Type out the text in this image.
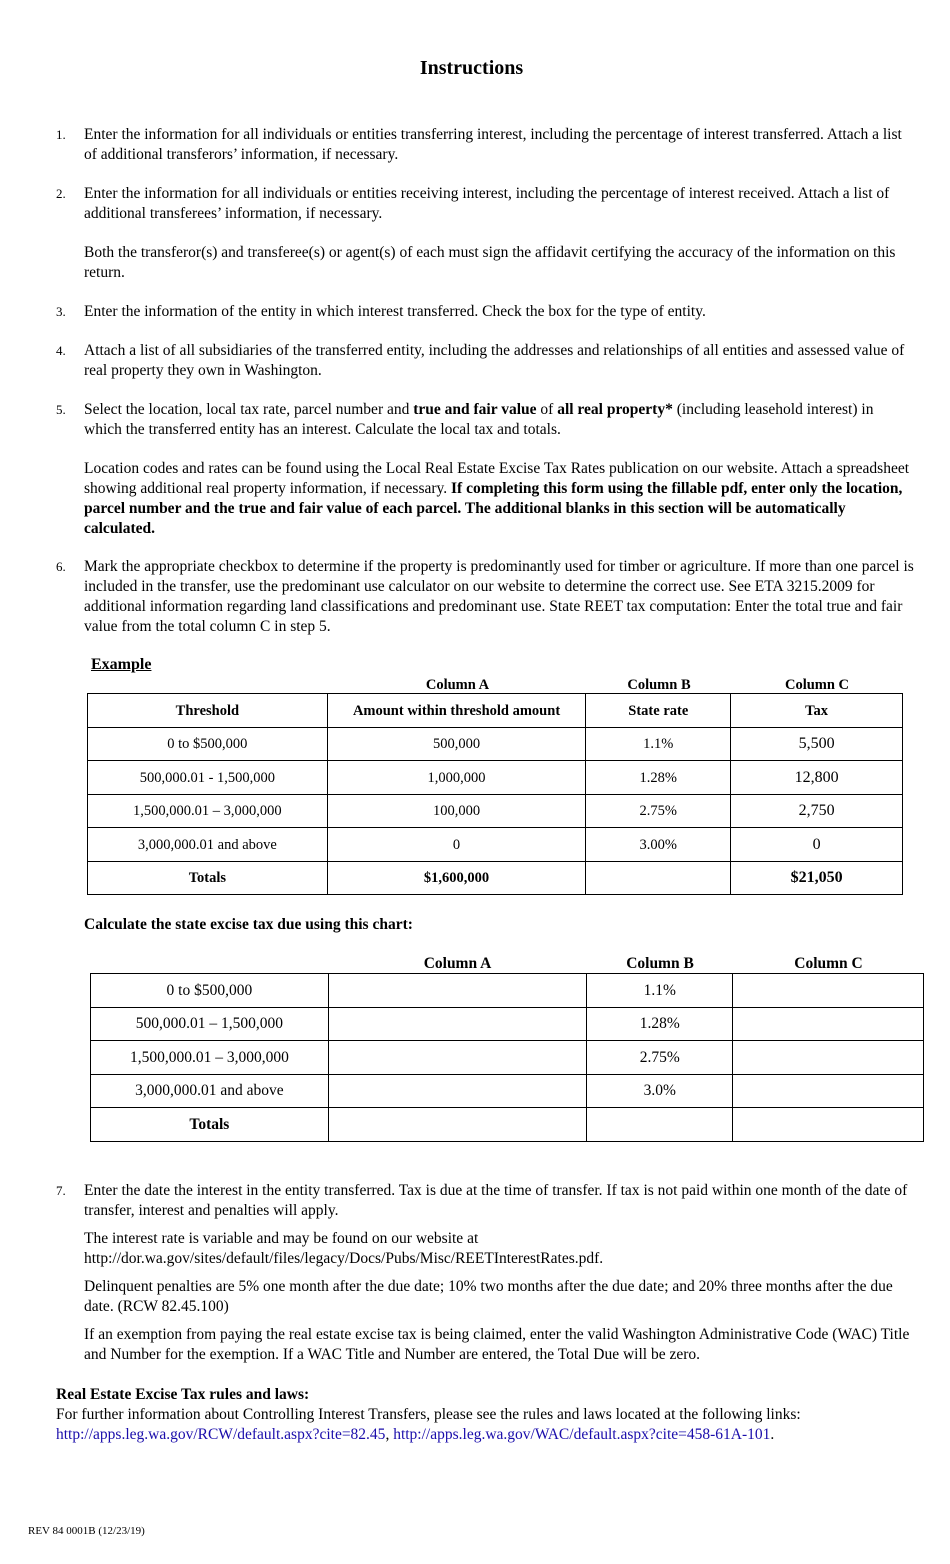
Instructions
1.	Enter the information for all individuals or entities transferring interest, including the percentage of interest transferred. Attach a list of additional transferors’ information, if necessary.
2.	Enter the information for all individuals or entities receiving interest, including the percentage of interest received. Attach a list of additional transferees’ information, if necessary.
Both the transferor(s) and transferee(s) or agent(s) of each must sign the affidavit certifying the accuracy of the information on this return.
3.	Enter the information of the entity in which interest transferred. Check the box for the type of entity.
4.	Attach a list of all subsidiaries of the transferred entity, including the addresses and relationships of all entities and assessed value of real property they own in Washington.
5.	Select the location, local tax rate, parcel number and true and fair value of all real property* (including leasehold interest) in which the transferred entity has an interest. Calculate the local tax and totals.
Location codes and rates can be found using the Local Real Estate Excise Tax Rates publication on our website. Attach a spreadsheet showing additional real property information, if necessary. If completing this form using the fillable pdf, enter only the location, parcel number and the true and fair value of each parcel. The additional blanks in this section will be automatically calculated.
6.	Mark the appropriate checkbox to determine if the property is predominantly used for timber or agriculture. If more than one parcel is included in the transfer, use the predominant use calculator on our website to determine the correct use. See ETA 3215.2009 for additional information regarding land classifications and predominant use. State REET tax computation: Enter the total true and fair value from the total column C in step 5.
Example
Column A	Column B	Column C
Threshold	Amount within threshold amount	State rate	Tax
0 to $500,000	500,000	1.1%	5,500
500,000.01 - 1,500,000	1,000,000	1.28%	12,800
1,500,000.01 – 3,000,000	100,000	2.75%	2,750
3,000,000.01 and above	0	3.00%	0
Totals	$1,600,000		$21,050
Calculate the state excise tax due using this chart:
Column A	Column B	Column C
0 to $500,000		1.1%	
500,000.01 – 1,500,000		1.28%	
1,500,000.01 – 3,000,000		2.75%	
3,000,000.01 and above		3.0%	
Totals			
7.	Enter the date the interest in the entity transferred. Tax is due at the time of transfer. If tax is not paid within one month of the date of transfer, interest and penalties will apply.
The interest rate is variable and may be found on our website at http://dor.wa.gov/sites/default/files/legacy/Docs/Pubs/Misc/REETInterestRates.pdf.
Delinquent penalties are 5% one month after the due date; 10% two months after the due date; and 20% three months after the due date. (RCW 82.45.100)
If an exemption from paying the real estate excise tax is being claimed, enter the valid Washington Administrative Code (WAC) Title and Number for the exemption. If a WAC Title and Number are entered, the Total Due will be zero.
Real Estate Excise Tax rules and laws:
For further information about Controlling Interest Transfers, please see the rules and laws located at the following links:
http://apps.leg.wa.gov/RCW/default.aspx?cite=82.45, http://apps.leg.wa.gov/WAC/default.aspx?cite=458-61A-101.
REV 84 0001B (12/23/19)
